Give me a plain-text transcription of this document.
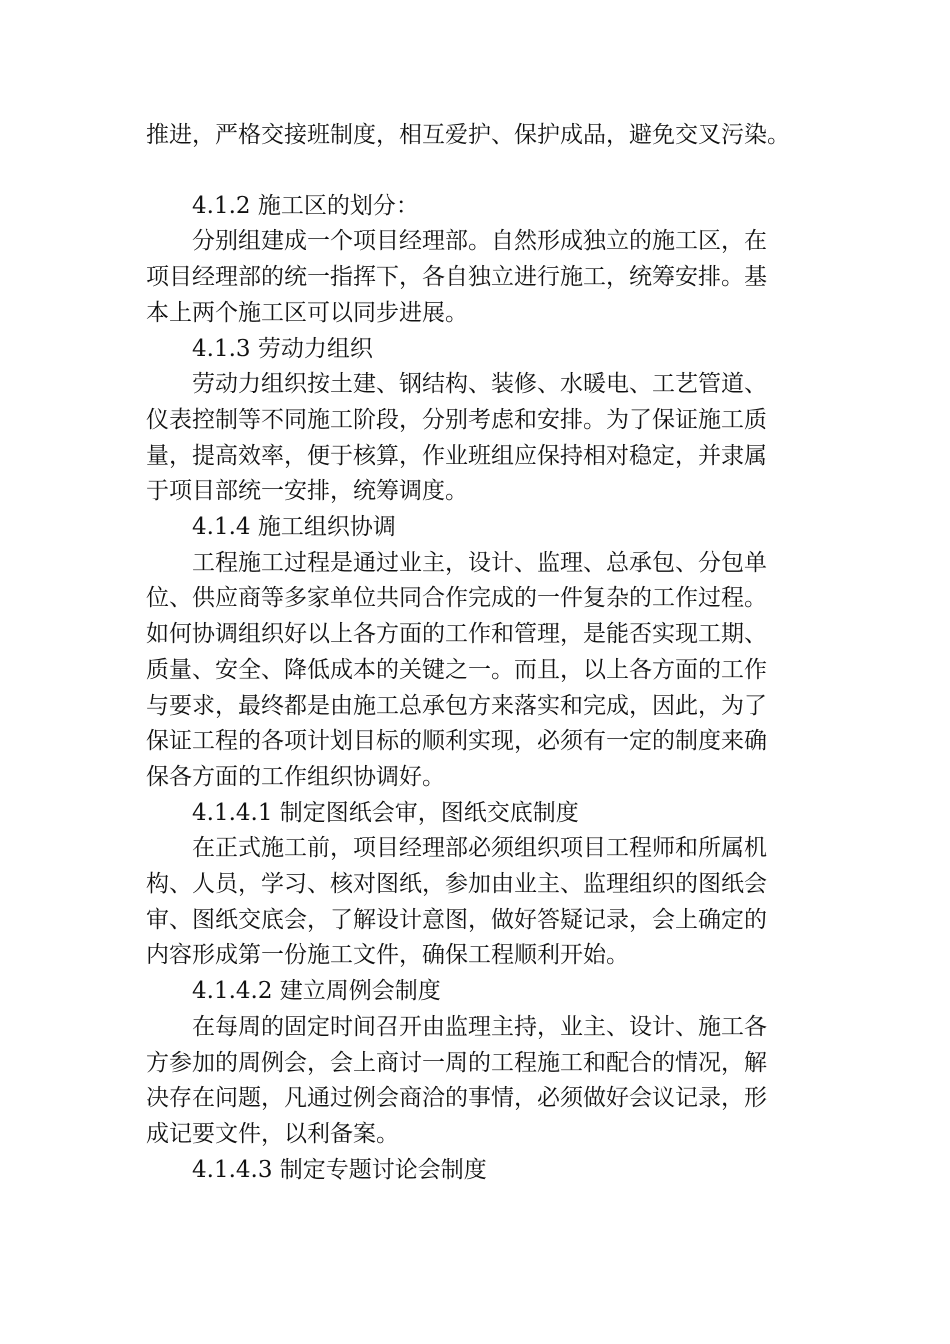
推进，严格交接班制度，相互爱护、保护成品，避免交叉污染。

4.1.2 施工区的划分：

分别组建成一个项目经理部。自然形成独立的施工区，在

项目经理部的统一指挥下，各自独立进行施工，统筹安排。基

本上两个施工区可以同步进展。

4.1.3 劳动力组织

劳动力组织按土建、钢结构、装修、水暖电、工艺管道、

仪表控制等不同施工阶段，分别考虑和安排。为了保证施工质

量，提高效率，便于核算，作业班组应保持相对稳定，并隶属

于项目部统一安排，统筹调度。

4.1.4 施工组织协调

工程施工过程是通过业主，设计、监理、总承包、分包单

位、供应商等多家单位共同合作完成的一件复杂的工作过程。

如何协调组织好以上各方面的工作和管理，是能否实现工期、

质量、安全、降低成本的关键之一。而且，以上各方面的工作

与要求，最终都是由施工总承包方来落实和完成，因此，为了

保证工程的各项计划目标的顺利实现，必须有一定的制度来确

保各方面的工作组织协调好。

4.1.4.1 制定图纸会审，图纸交底制度

在正式施工前，项目经理部必须组织项目工程师和所属机

构、人员，学习、核对图纸，参加由业主、监理组织的图纸会

审、图纸交底会，了解设计意图，做好答疑记录，会上确定的

内容形成第一份施工文件，确保工程顺利开始。

4.1.4.2 建立周例会制度

在每周的固定时间召开由监理主持，业主、设计、施工各

方参加的周例会，会上商讨一周的工程施工和配合的情况，解

决存在问题，凡通过例会商洽的事情，必须做好会议记录，形

成记要文件，以利备案。

4.1.4.3 制定专题讨论会制度
